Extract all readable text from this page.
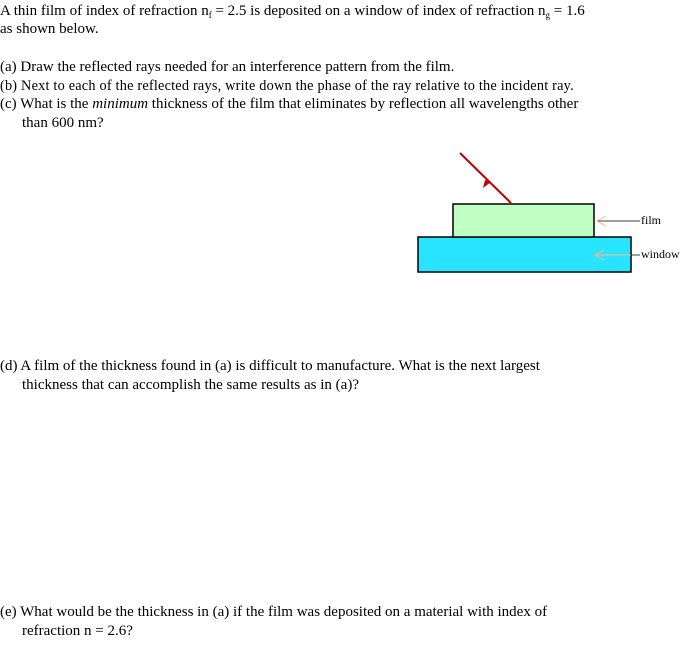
A thin film of index of refraction $n_f = 2.5$ is deposited on a window of index of refraction $n_g = 1.6$
as shown below.
(a) Draw the reflected rays needed for an interference pattern from the film.
(b) Next to each of the reflected rays, write down the phase of the ray relative to the incident ray.
(c) What is the minimum thickness of the film that eliminates by reflection all wavelengths other
than 600 nm?
film
window
(d) A film of the thickness found in (a) is difficult to manufacture. What is the next largest
thickness that can accomplish the same results as in (a)?
(e) What would be the thickness in (a) if the film was deposited on a material with index of
refraction n = 2.6?
